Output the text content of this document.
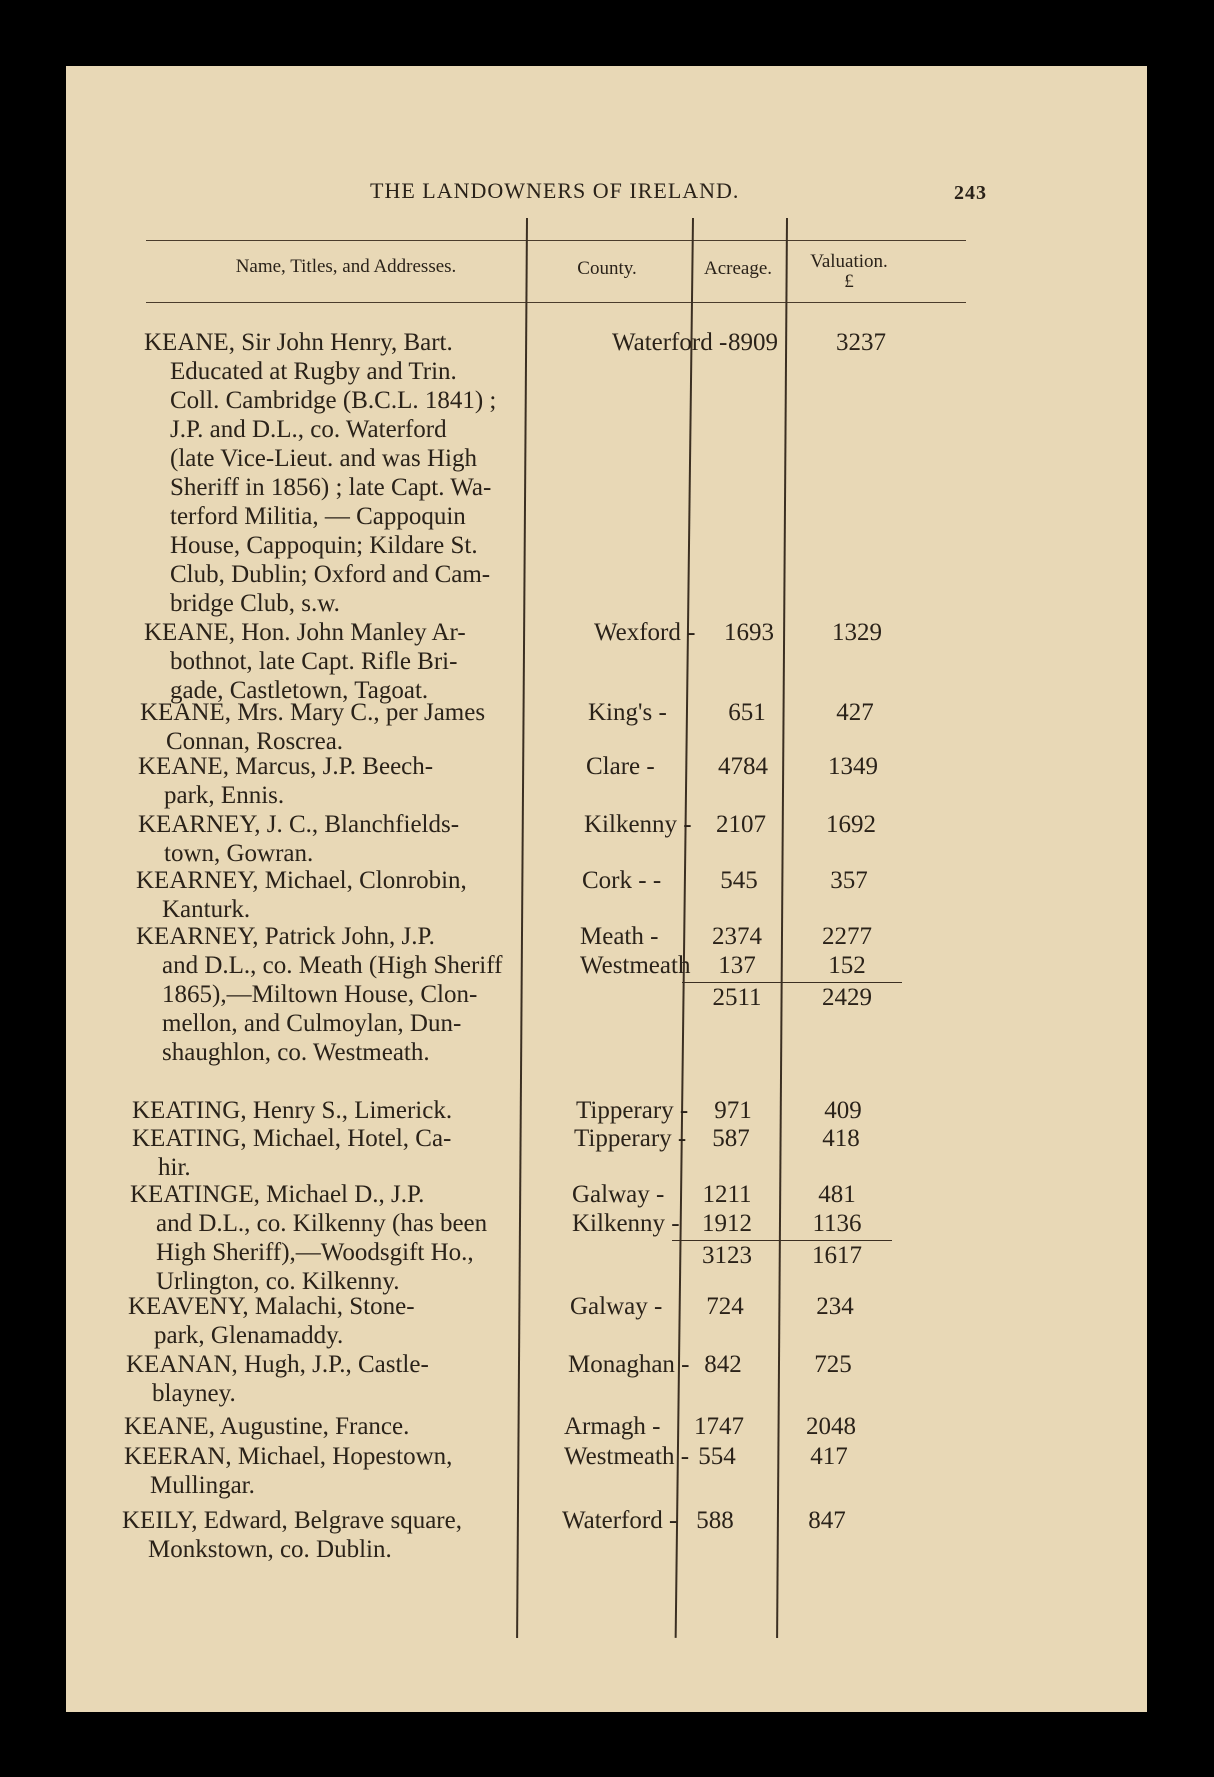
THE LANDOWNERS OF IRELAND.	243
Name, Titles, and Addresses.	County.	Acreage.	Valuation.
£
KEANE, Sir John Henry, Bart.
Educated at Rugby and Trin.
Coll. Cambridge (B.C.L. 1841) ;
J.P. and D.L., co. Waterford
(late Vice-Lieut. and was High
Sheriff in 1856) ; late Capt. Wa-
terford Militia, — Cappoquin
House, Cappoquin; Kildare St.
Club, Dublin; Oxford and Cam-
bridge Club, s.w.
Waterford - 8909	3237
KEANE, Hon. John Manley Ar-
bothnot, late Capt. Rifle Bri-
gade, Castletown, Tagoat.
Wexford -	1693	1329
KEANE, Mrs. Mary C., per James
Connan, Roscrea.
King's -	651	427
KEANE, Marcus, J.P. Beech-
park, Ennis.
Clare -	4784	1349
KEARNEY, J. C., Blanchfields-
town, Gowran.
Kilkenny - 2107	1692
KEARNEY, Michael, Clonrobin,
Kanturk.
Cork - -	545	357
KEARNEY, Patrick John, J.P.
and D.L., co. Meath (High Sheriff
1865),—Miltown House, Clon-
mellon, and Culmoylan, Dun-
shaughlon, co. Westmeath.
Meath -	2374	2277
Westmeath	137	152
2511	2429
KEATING, Henry S., Limerick.	Tipperary -	971	409
KEATING, Michael, Hotel, Ca-
hir.
Tipperary -	587	418
KEATINGE, Michael D., J.P.
and D.L., co. Kilkenny (has been
High Sheriff),—Woodsgift Ho.,
Urlington, co. Kilkenny.
Galway -	1211	481
Kilkenny - 1912	1136
3123	1617
KEAVENY, Malachi, Stone-
park, Glenamaddy.
Galway -	724	234
KEANAN, Hugh, J.P., Castle-
blayney.
Monaghan - 842	725
KEANE, Augustine, France.	Armagh -	1747	2048
KEERAN, Michael, Hopestown,
Mullingar.
Westmeath - 554	417
KEILY, Edward, Belgrave square,
Monkstown, co. Dublin.
Waterford - 588	847
